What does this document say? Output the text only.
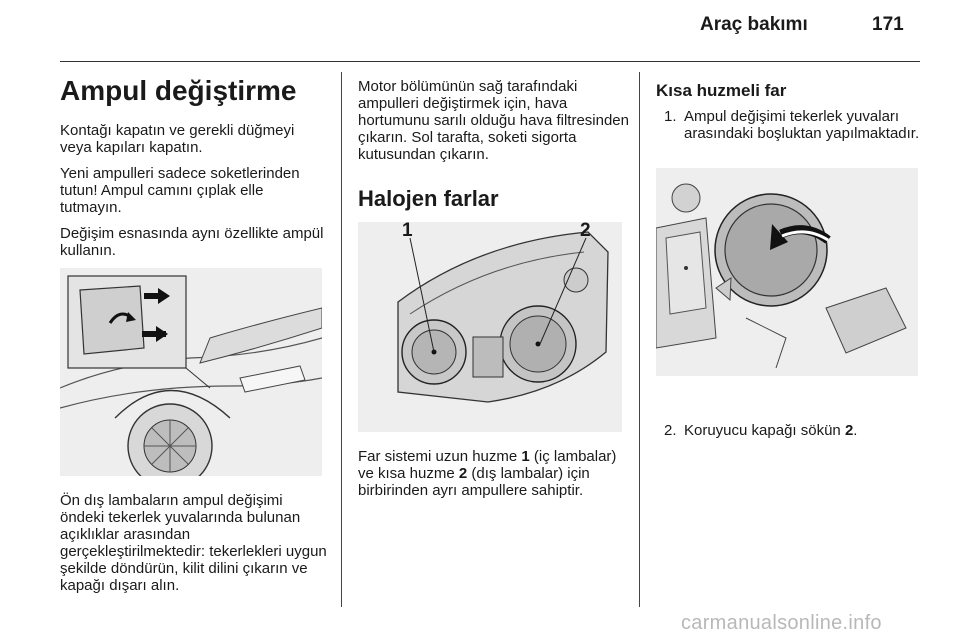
Araç bakımı	171
Ampul değiştirme

Kontağı kapatın ve gerekli düğmeyi veya kapıları kapatın.

Yeni ampulleri sadece soketlerinden tutun! Ampul camını çıplak elle tutmayın.

Değişim esnasında aynı özellikte ampül kullanın.

Ön dış lambaların ampul değişimi öndeki tekerlek yuvalarında bulunan açıklıklar arasından gerçekleştirilmektedir: tekerlekleri uygun şekilde döndürün, kilit dilini çıkarın ve kapağı dışarı alın.
Motor bölümünün sağ tarafındaki ampulleri değiştirmek için, hava hortumunu sarılı olduğu hava filtresinden çıkarın. Sol tarafta, soketi sigorta kutusundan çıkarın.
Halojen farlar
1	2
Far sistemi uzun huzme 1 (iç lambalar) ve kısa huzme 2 (dış lambalar) için birbirinden ayrı ampullere sahiptir.
Kısa huzmeli far
1. Ampul değişimi tekerlek yuvaları arasındaki boşluktan yapılmaktadır.
2. Koruyucu kapağı sökün 2.
carmanualsonline.info
